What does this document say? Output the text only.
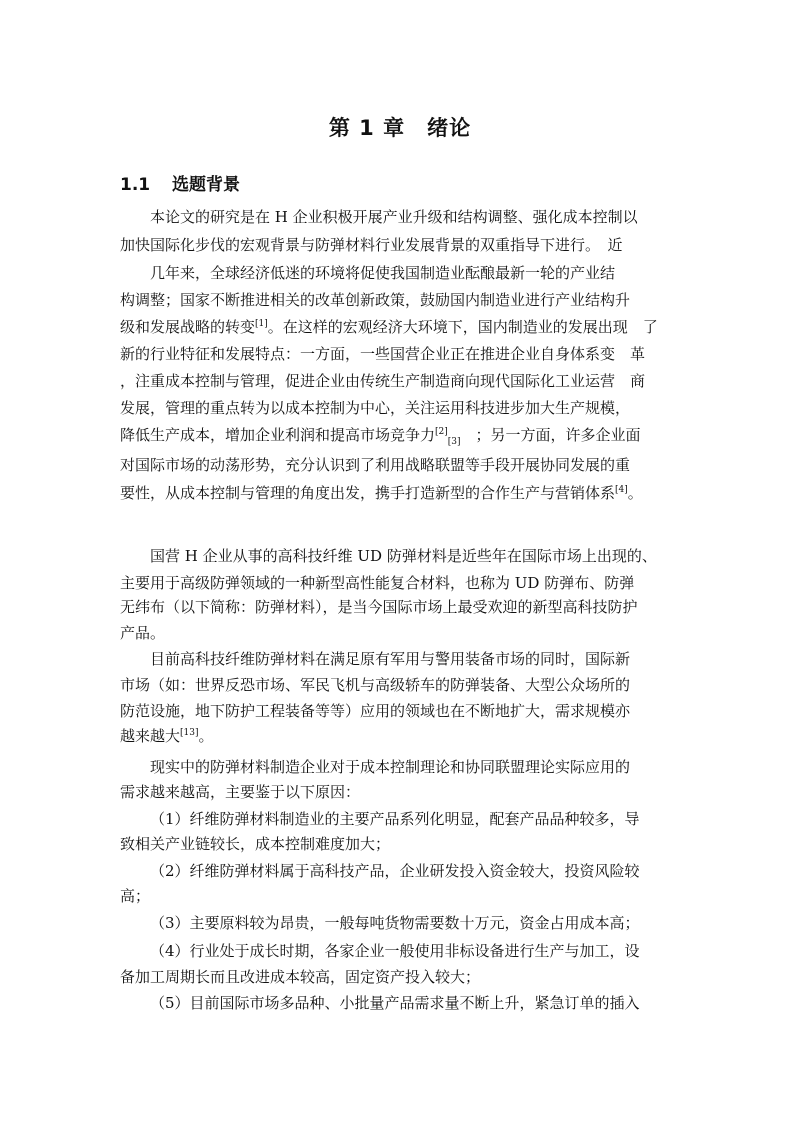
第 1 章 绪论
1.1 选题背景
本论文的研究是在 H 企业积极开展产业升级和结构调整、强化成本控制以
加快国际化步伐的宏观背景与防弹材料行业发展背景的双重指导下进行。　近
几年来，全球经济低迷的环境将促使我国制造业酝酿最新一轮的产业结
构调整；国家不断推进相关的改革创新政策，鼓励国内制造业进行产业结构升
级和发展战略的转变[1]。在这样的宏观经济大环境下，国内制造业的发展出现　了
新的行业特征和发展特点：一方面，一些国营企业正在推进企业自身体系变　革
，注重成本控制与管理，促进企业由传统生产制造商向现代国际化工业运营　商
发展，管理的重点转为以成本控制为中心，关注运用科技进步加大生产规模，
降低生产成本，增加企业利润和提高市场竞争力[2]$_{[3]}$　；另一方面，许多企业面
对国际市场的动荡形势，充分认识到了利用战略联盟等手段开展协同发展的重
要性，从成本控制与管理的角度出发，携手打造新型的合作生产与营销体系[4]。
国营 H 企业从事的高科技纤维 UD 防弹材料是近些年在国际市场上出现的、
主要用于高级防弹领域的一种新型高性能复合材料，也称为 UD 防弹布、防弹
无纬布（以下简称：防弹材料），是当今国际市场上最受欢迎的新型高科技防护
产品。
目前高科技纤维防弹材料在满足原有军用与警用装备市场的同时，国际新
市场（如：世界反恐市场、军民飞机与高级轿车的防弹装备、大型公众场所的
防范设施，地下防护工程装备等等）应用的领域也在不断地扩大，需求规模亦
越来越大[13]。
现实中的防弹材料制造企业对于成本控制理论和协同联盟理论实际应用的
需求越来越高，主要鉴于以下原因：
（1）纤维防弹材料制造业的主要产品系列化明显，配套产品品种较多，导
致相关产业链较长，成本控制难度加大；
（2）纤维防弹材料属于高科技产品，企业研发投入资金较大，投资风险较
高；
（3）主要原料较为昂贵，一般每吨货物需要数十万元，资金占用成本高；
（4）行业处于成长时期，各家企业一般使用非标设备进行生产与加工，设
备加工周期长而且改进成本较高，固定资产投入较大；
（5）目前国际市场多品种、小批量产品需求量不断上升，紧急订单的插入
